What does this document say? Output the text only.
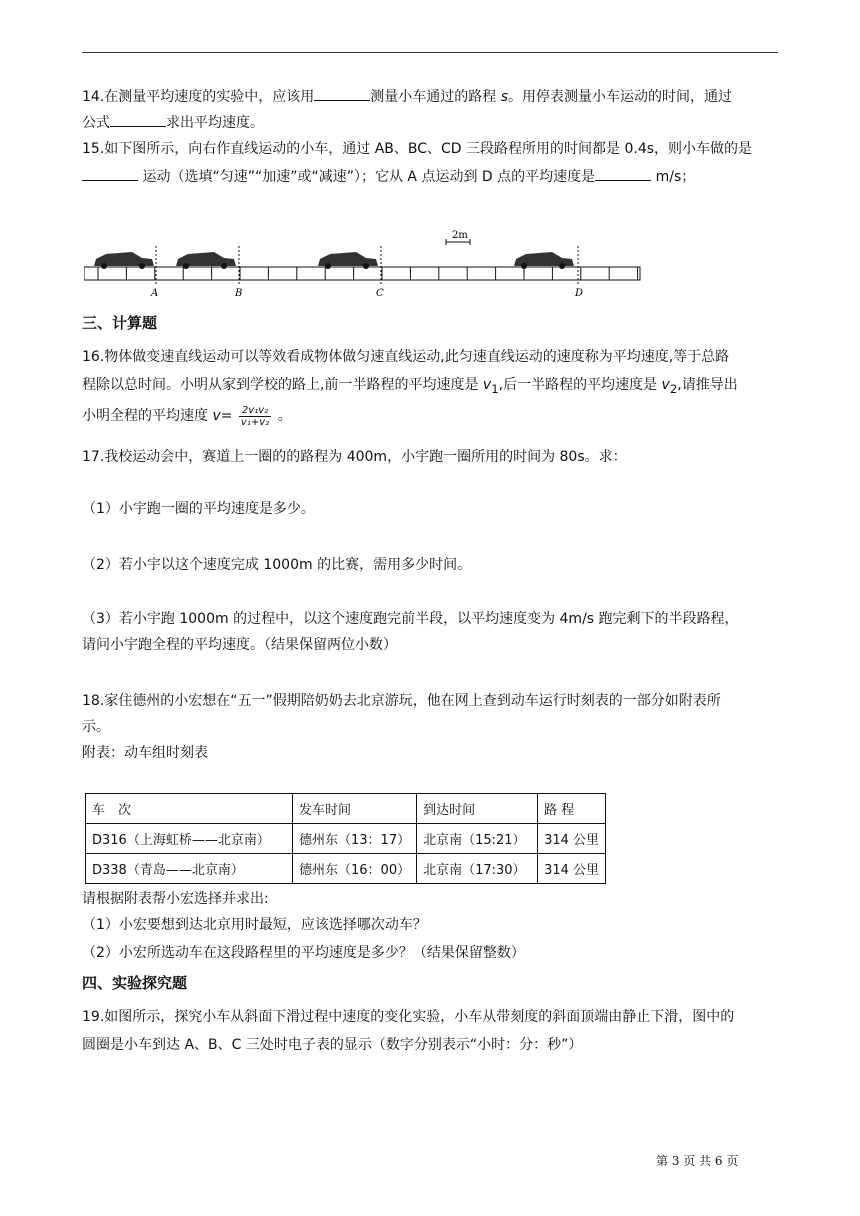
14.在测量平均速度的实验中，应该用	测量小车通过的路程 s。用停表测量小车运动的时间，通过
公式	求出平均速度。
15.如下图所示，向右作直线运动的小车，通过 AB、BC、CD 三段路程所用的时间都是 0.4s，则小车做的是
运动（选填“匀速”“加速”或“减速”）；它从 A 点运动到 D 点的平均速度是	m/s；
2m
A	B	C	D
三、计算题
16.物体做变速直线运动可以等效看成物体做匀速直线运动,此匀速直线运动的速度称为平均速度,等于总路
程除以总时间。小明从家到学校的路上,前一半路程的平均速度是 $v_1$,后一半路程的平均速度是 $v_2$,请推导出
小明全程的平均速度 $v= \frac{\text{2v₁v₂}}{\text{v₁+v₂}}$ 。
17.我校运动会中，赛道上一圈的的路程为 400m，小宇跑一圈所用的时间为 80s。求：
（1）小宇跑一圈的平均速度是多少。
（2）若小宇以这个速度完成 1000m 的比赛，需用多少时间。
（3）若小宇跑 1000m 的过程中，以这个速度跑完前半段，以平均速度变为 4m/s 跑完剩下的半段路程，
请问小宇跑全程的平均速度。（结果保留两位小数）
18.家住德州的小宏想在“五一”假期陪奶奶去北京游玩，他在网上查到动车运行时刻表的一部分如附表所
示。
附表：动车组时刻表
车　次	发车时间	到达时间	路 程
D316（上海虹桥——北京南）	德州东（13：17）	北京南（15:21）	314 公里
D338（青岛——北京南）	德州东（16：00）	北京南（17:30）	314 公里
请根据附表帮小宏选择并求出:
（1）小宏要想到达北京用时最短，应该选择哪次动车？
（2）小宏所选动车在这段路程里的平均速度是多少？（结果保留整数）
四、实验探究题
19.如图所示，探究小车从斜面下滑过程中速度的变化实验，小车从带刻度的斜面顶端由静止下滑，图中的
圆圈是小车到达 A、B、C 三处时电子表的显示（数字分别表示“小时：分：秒”）
第 3 页 共 6 页
